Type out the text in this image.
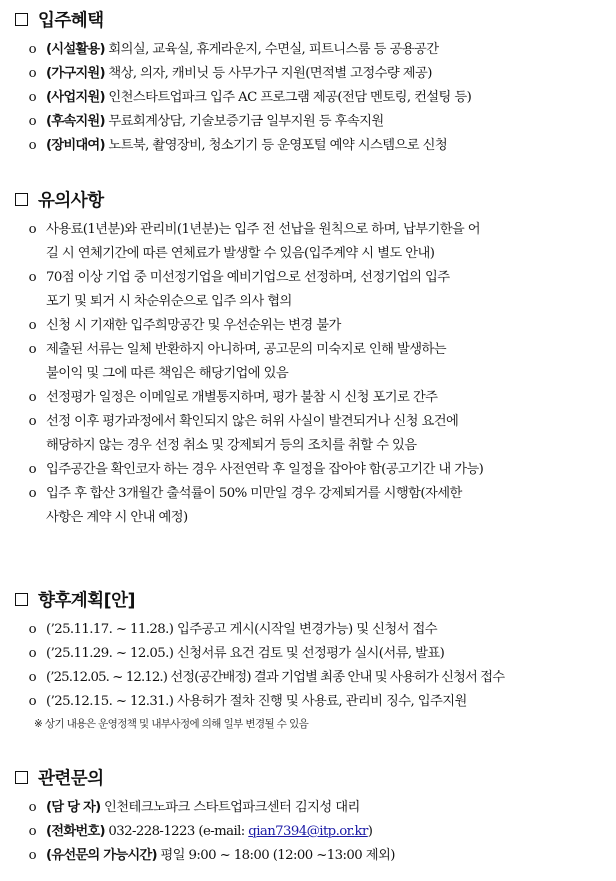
입주혜택
o (시설활용) 회의실, 교육실, 휴게라운지, 수면실, 피트니스룸 등 공용공간
o (가구지원) 책상, 의자, 캐비닛 등 사무가구 지원(면적별 고정수량 제공)
o (사업지원) 인천스타트업파크 입주 AC 프로그램 제공(전담 멘토링, 컨설팅 등)
o (후속지원) 무료회계상담, 기술보증기금 일부지원 등 후속지원
o (장비대여) 노트북, 촬영장비, 청소기기 등 운영포털 예약 시스템으로 신청
유의사항
o 사용료(1년분)와 관리비(1년분)는 입주 전 선납을 원칙으로 하며, 납부기한을 어
길 시 연체기간에 따른 연체료가 발생할 수 있음(입주계약 시 별도 안내)
o 70점 이상 기업 중 미선정기업을 예비기업으로 선정하며, 선정기업의 입주
포기 및 퇴거 시 차순위순으로 입주 의사 협의
o 신청 시 기재한 입주희망공간 및 우선순위는 변경 불가
o 제출된 서류는 일체 반환하지 아니하며, 공고문의 미숙지로 인해 발생하는
불이익 및 그에 따른 책임은 해당기업에 있음
o 선정평가 일정은 이메일로 개별통지하며, 평가 불참 시 신청 포기로 간주
o 선정 이후 평가과정에서 확인되지 않은 허위 사실이 발견되거나 신청 요건에
해당하지 않는 경우 선정 취소 및 강제퇴거 등의 조치를 취할 수 있음
o 입주공간을 확인코자 하는 경우 사전연락 후 일정을 잡아야 함(공고기간 내 가능)
o 입주 후 합산 3개월간 출석률이 50% 미만일 경우 강제퇴거를 시행함(자세한
사항은 계약 시 안내 예정)
향후계획[안]
o (’25.11.17. ~ 11.28.) 입주공고 게시(시작일 변경가능) 및 신청서 접수
o (’25.11.29. ~ 12.05.) 신청서류 요건 검토 및 선정평가 실시(서류, 발표)
o (’25.12.05. ~ 12.12.) 선정(공간배정) 결과 기업별 최종 안내 및 사용허가 신청서 접수
o (’25.12.15. ~ 12.31.) 사용허가 절차 진행 및 사용료, 관리비 징수, 입주지원
※ 상기 내용은 운영정책 및 내부사정에 의해 일부 변경될 수 있음
관련문의
o (담 당 자) 인천테크노파크 스타트업파크센터 김지성 대리
o (전화번호) 032-228-1223 (e-mail: qian7394@itp.or.kr)
o (유선문의 가능시간) 평일 9:00 ~ 18:00 (12:00 ~13:00 제외)
